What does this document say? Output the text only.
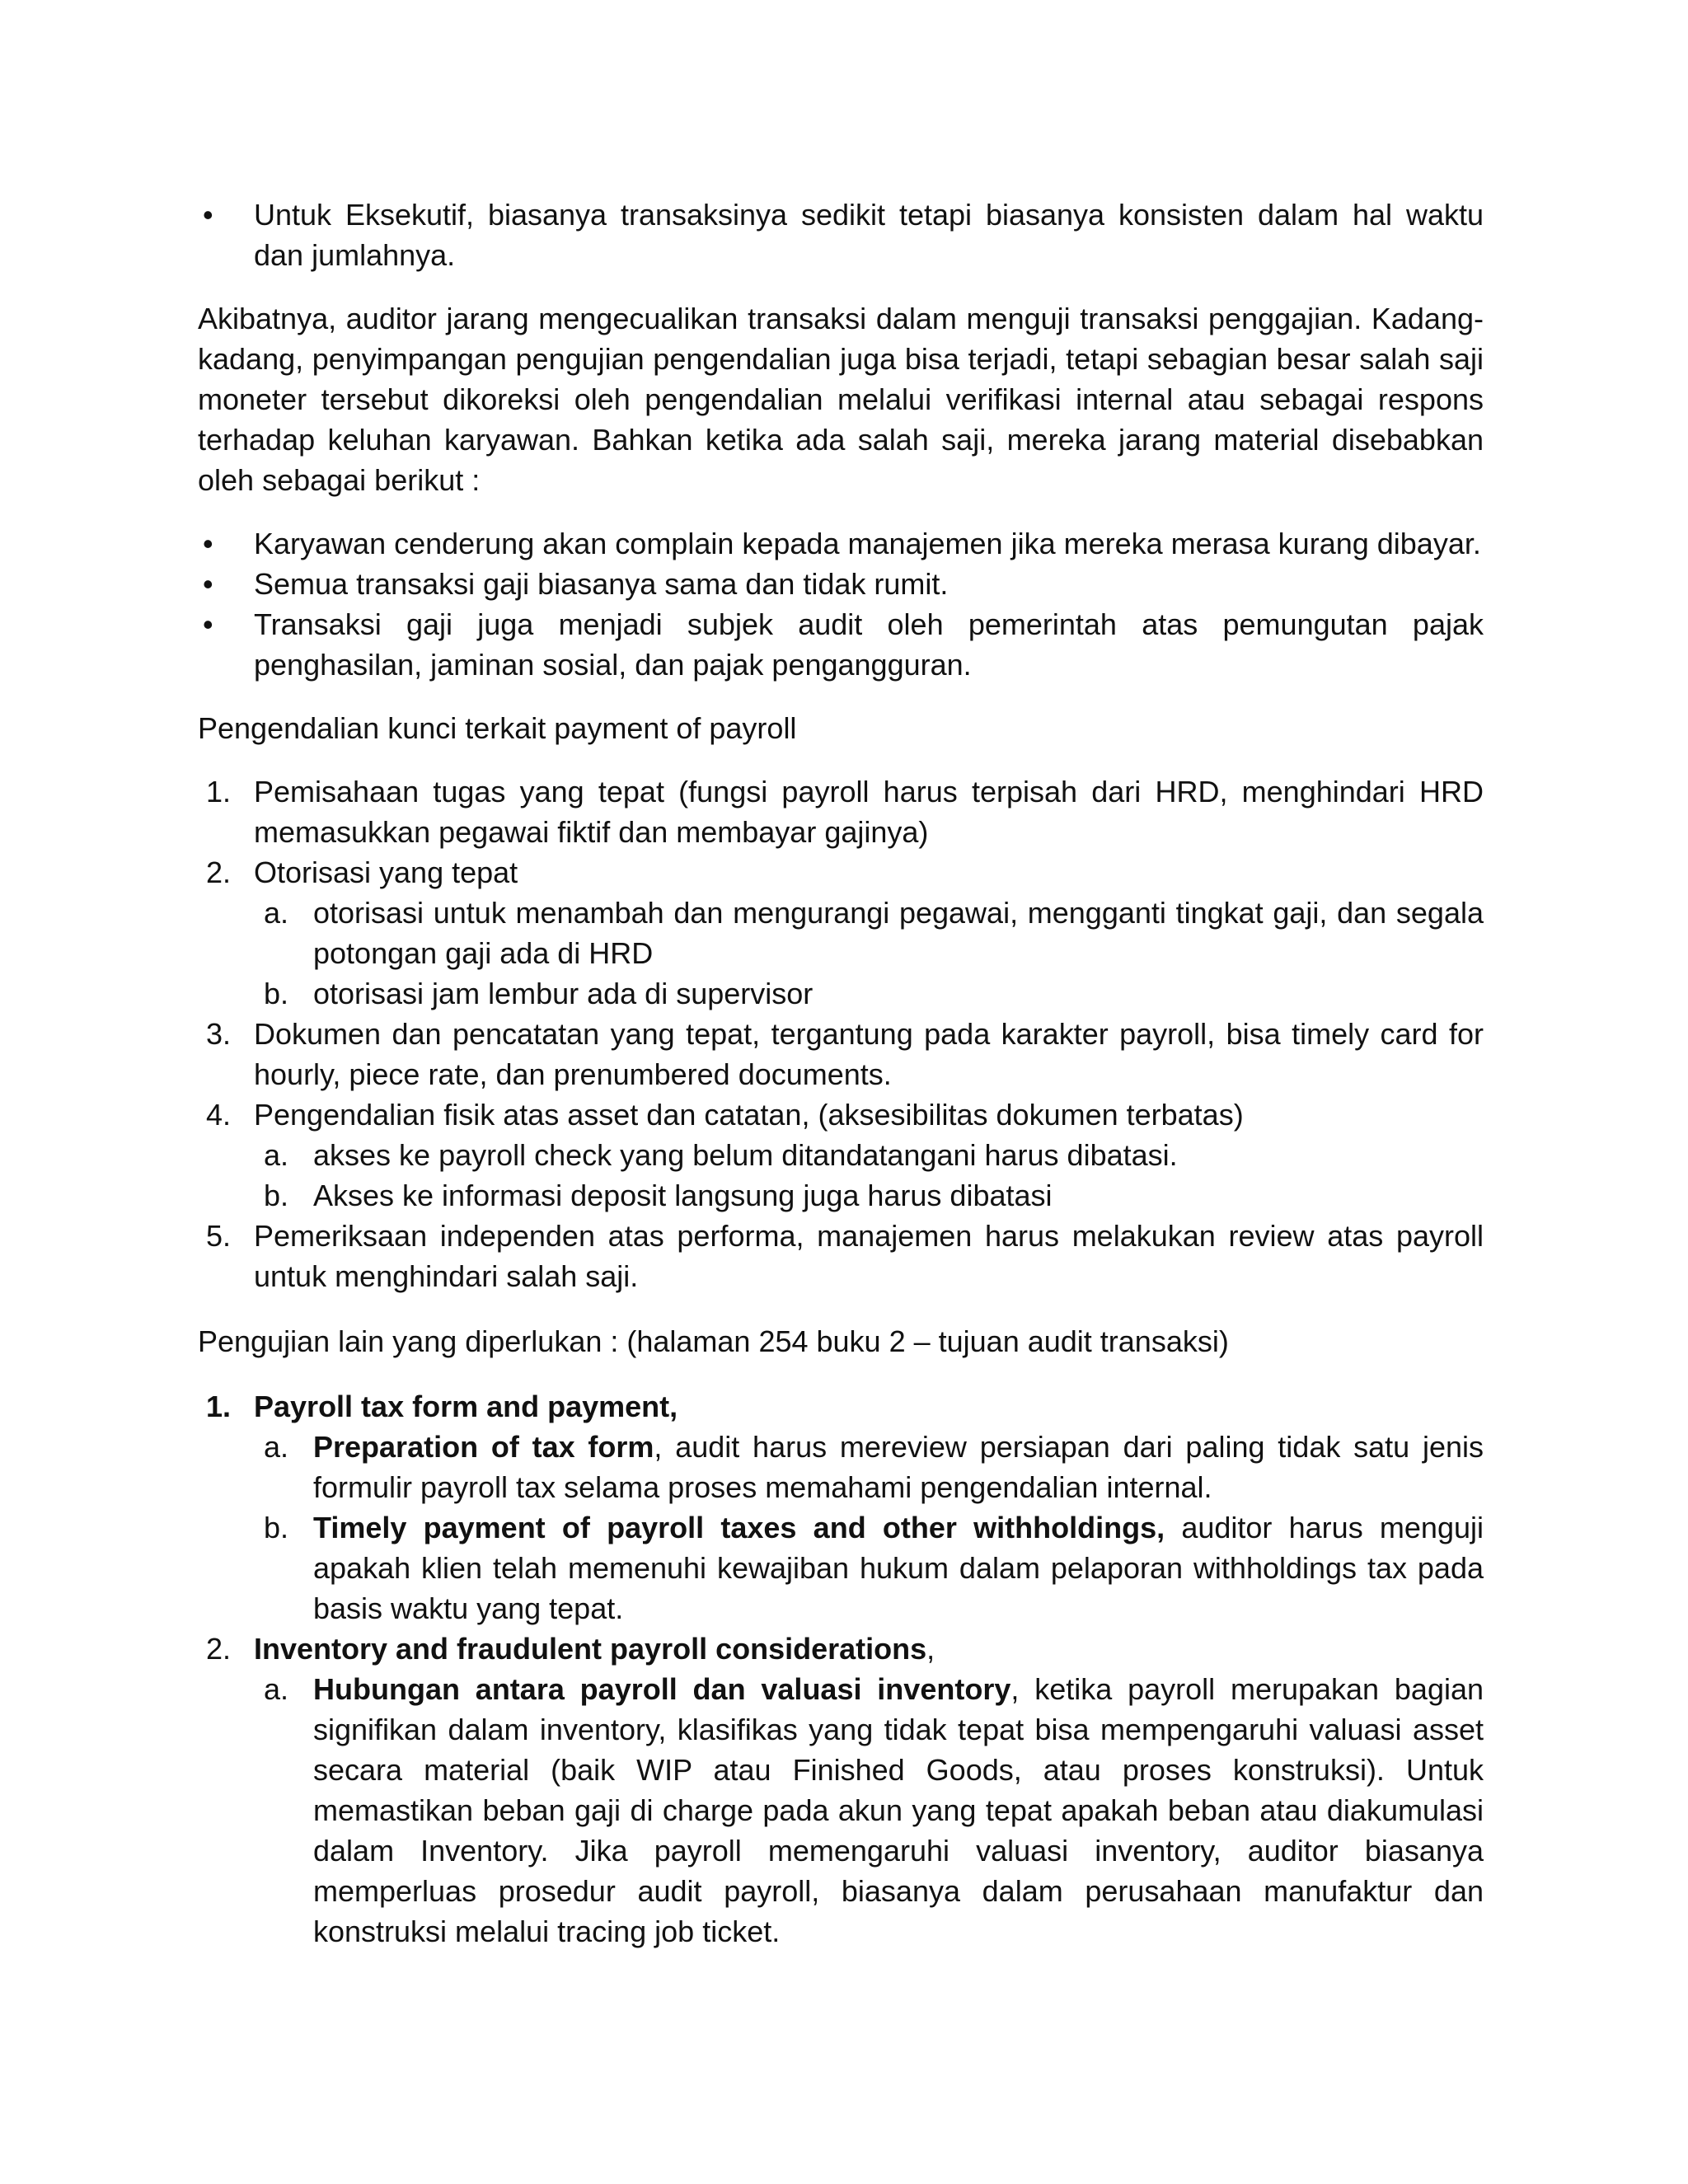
• Untuk Eksekutif, biasanya transaksinya sedikit tetapi biasanya konsisten dalam hal waktu dan jumlahnya.

Akibatnya, auditor jarang mengecualikan transaksi dalam menguji transaksi penggajian. Kadang-kadang, penyimpangan pengujian pengendalian juga bisa terjadi, tetapi sebagian besar salah saji moneter tersebut dikoreksi oleh pengendalian melalui verifikasi internal atau sebagai respons terhadap keluhan karyawan. Bahkan ketika ada salah saji, mereka jarang material disebabkan oleh sebagai berikut :

• Karyawan cenderung akan complain kepada manajemen jika mereka merasa kurang dibayar.
• Semua transaksi gaji biasanya sama dan tidak rumit.
• Transaksi gaji juga menjadi subjek audit oleh pemerintah atas pemungutan pajak penghasilan, jaminan sosial, dan pajak pengangguran.

Pengendalian kunci terkait payment of payroll

1. Pemisahaan tugas yang tepat (fungsi payroll harus terpisah dari HRD, menghindari HRD memasukkan pegawai fiktif dan membayar gajinya)
2. Otorisasi yang tepat
a. otorisasi untuk menambah dan mengurangi pegawai, mengganti tingkat gaji, dan segala potongan gaji ada di HRD
b. otorisasi jam lembur ada di supervisor
3. Dokumen dan pencatatan yang tepat, tergantung pada karakter payroll, bisa timely card for hourly, piece rate, dan prenumbered documents.
4. Pengendalian fisik atas asset dan catatan, (aksesibilitas dokumen terbatas)
a. akses ke payroll check yang belum ditandatangani harus dibatasi.
b. Akses ke informasi deposit langsung juga harus dibatasi
5. Pemeriksaan independen atas performa, manajemen harus melakukan review atas payroll untuk menghindari salah saji.

Pengujian lain yang diperlukan : (halaman 254 buku 2 – tujuan audit transaksi)

1. Payroll tax form and payment,
a. Preparation of tax form, audit harus mereview persiapan dari paling tidak satu jenis formulir payroll tax selama proses memahami pengendalian internal.
b. Timely payment of payroll taxes and other withholdings, auditor harus menguji apakah klien telah memenuhi kewajiban hukum dalam pelaporan withholdings tax pada basis waktu yang tepat.
2. Inventory and fraudulent payroll considerations,
a. Hubungan antara payroll dan valuasi inventory, ketika payroll merupakan bagian signifikan dalam inventory, klasifikas yang tidak tepat bisa mempengaruhi valuasi asset secara material (baik WIP atau Finished Goods, atau proses konstruksi). Untuk memastikan beban gaji di charge pada akun yang tepat apakah beban atau diakumulasi dalam Inventory. Jika payroll memengaruhi valuasi inventory, auditor biasanya memperluas prosedur audit payroll, biasanya dalam perusahaan manufaktur dan konstruksi melalui tracing job ticket.
